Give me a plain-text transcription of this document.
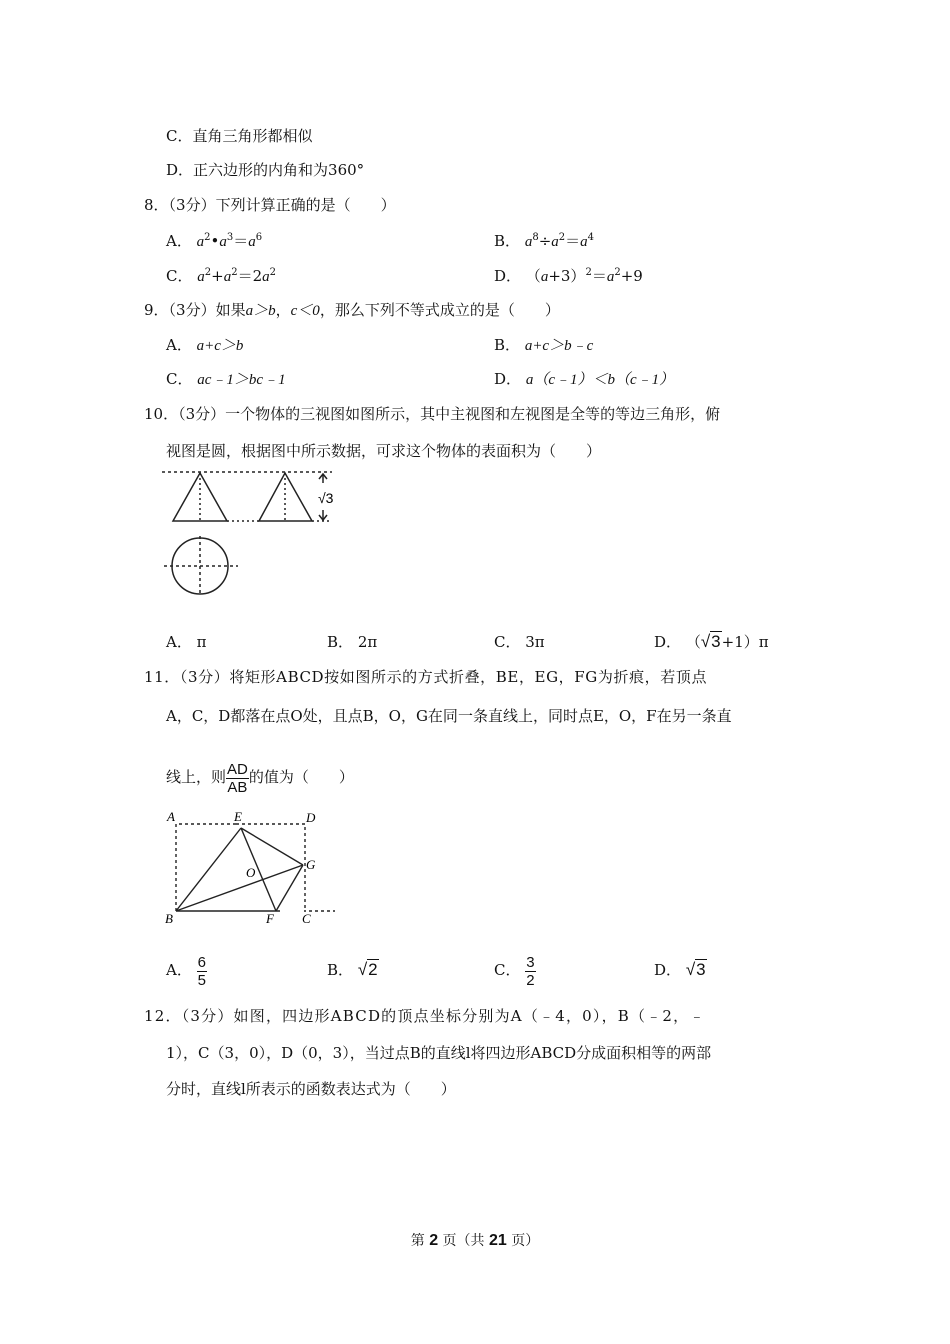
C．直角三角形都相似
D．正六边形的内角和为360°
8．（3分）下列计算正确的是（　　）
A． $a^2•a^3=a^6$	B． $a^8\div a^2=a^4$
C． $a^2+a^2=2a^2$	D． $(a+3)^2=a^2+9$
9．（3分）如果a＞b，c＜0，那么下列不等式成立的是（　　）
A． a+c＞b	B． a+c＞b﹣c
C． ac﹣1＞bc﹣1	D． a（c﹣1）＜b（c﹣1）
10．（3分）一个物体的三视图如图所示，其中主视图和左视图是全等的等边三角形，俯
视图是圆，根据图中所示数据，可求这个物体的表面积为（　　）
√3
A． π	B． 2π	C． 3π	D． （√3+1）π
11．（3分）将矩形ABCD按如图所示的方式折叠，BE，EG，FG为折痕，若顶点
A，C，D都落在点O处，且点B，O，G在同一条直线上，同时点E，O，F在另一条直
线上，则 $\frac{AD}{AB}$ 的值为（　　）
A	E	D
G
O
B	F C
A． $\frac{6}{5}$	B． √2	C． $\frac{3}{2}$	D． √3
12．（3分）如图，四边形ABCD的顶点坐标分别为A（﹣4，0），B（﹣2，﹣
1），C（3，0），D（0，3），当过点B的直线l将四边形ABCD分成面积相等的两部
分时，直线l所表示的函数表达式为（　　）
第 2 页（共 21 页）
